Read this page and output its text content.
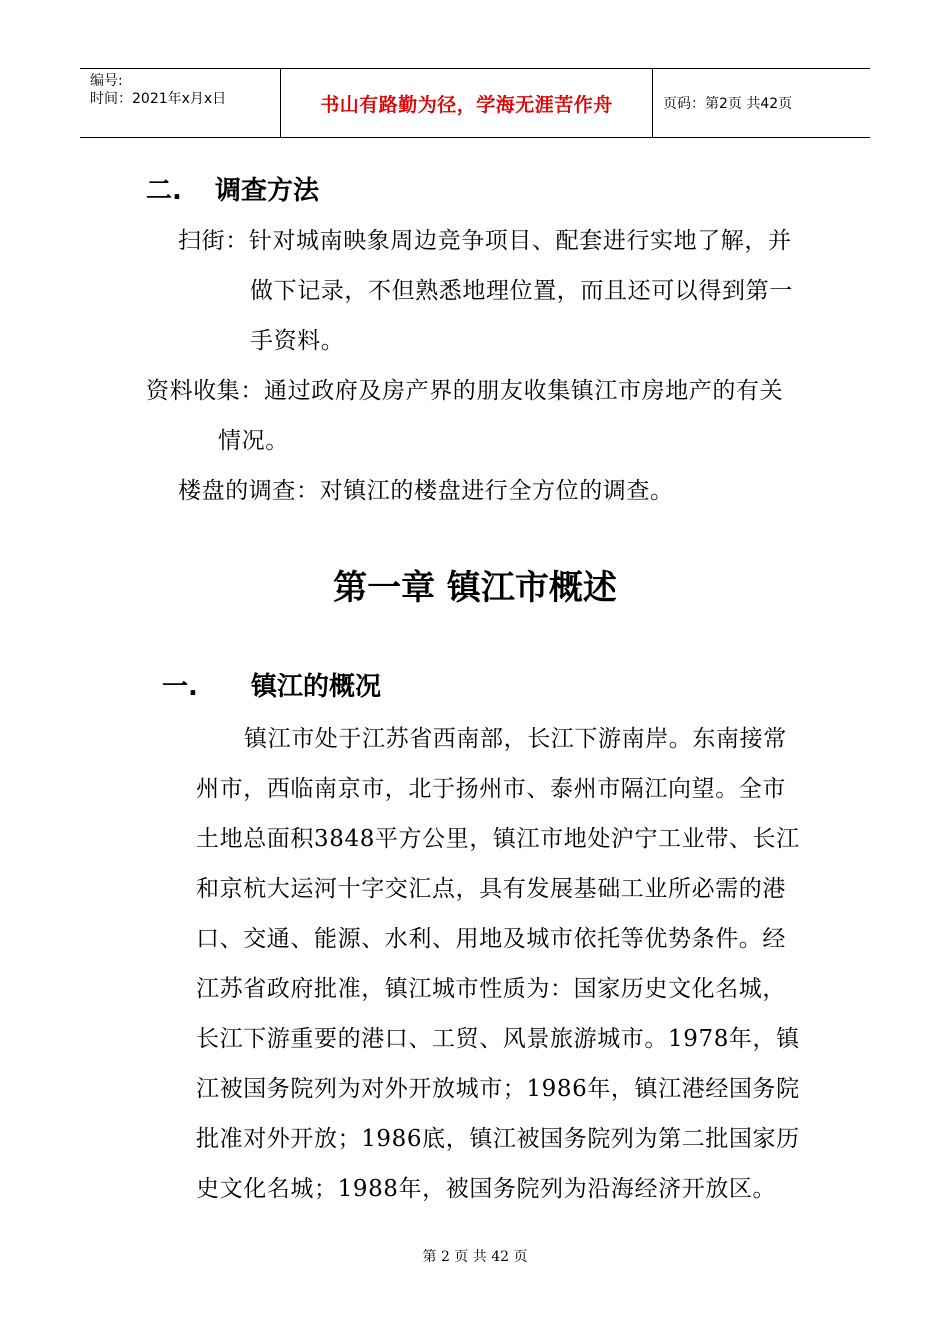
编号:
时间：2021年x月x日	书山有路勤为径，学海无涯苦作舟	页码：第2页 共42页
二. 调查方法
扫街：针对城南映象周边竞争项目、配套进行实地了解，并
做下记录，不但熟悉地理位置，而且还可以得到第一
手资料。
资料收集：通过政府及房产界的朋友收集镇江市房地产的有关
情况。
楼盘的调查：对镇江的楼盘进行全方位的调查。
第一章 镇江市概述
一. 镇江的概况
镇江市处于江苏省西南部，长江下游南岸。东南接常
州市，西临南京市，北于扬州市、泰州市隔江向望。全市
土地总面积3848平方公里，镇江市地处沪宁工业带、长江
和京杭大运河十字交汇点，具有发展基础工业所必需的港
口、交通、能源、水利、用地及城市依托等优势条件。经
江苏省政府批准，镇江城市性质为：国家历史文化名城，
长江下游重要的港口、工贸、风景旅游城市。1978年，镇
江被国务院列为对外开放城市；1986年，镇江港经国务院
批准对外开放；1986底，镇江被国务院列为第二批国家历
史文化名城；1988年，被国务院列为沿海经济开放区。
第 2 页 共 42 页
